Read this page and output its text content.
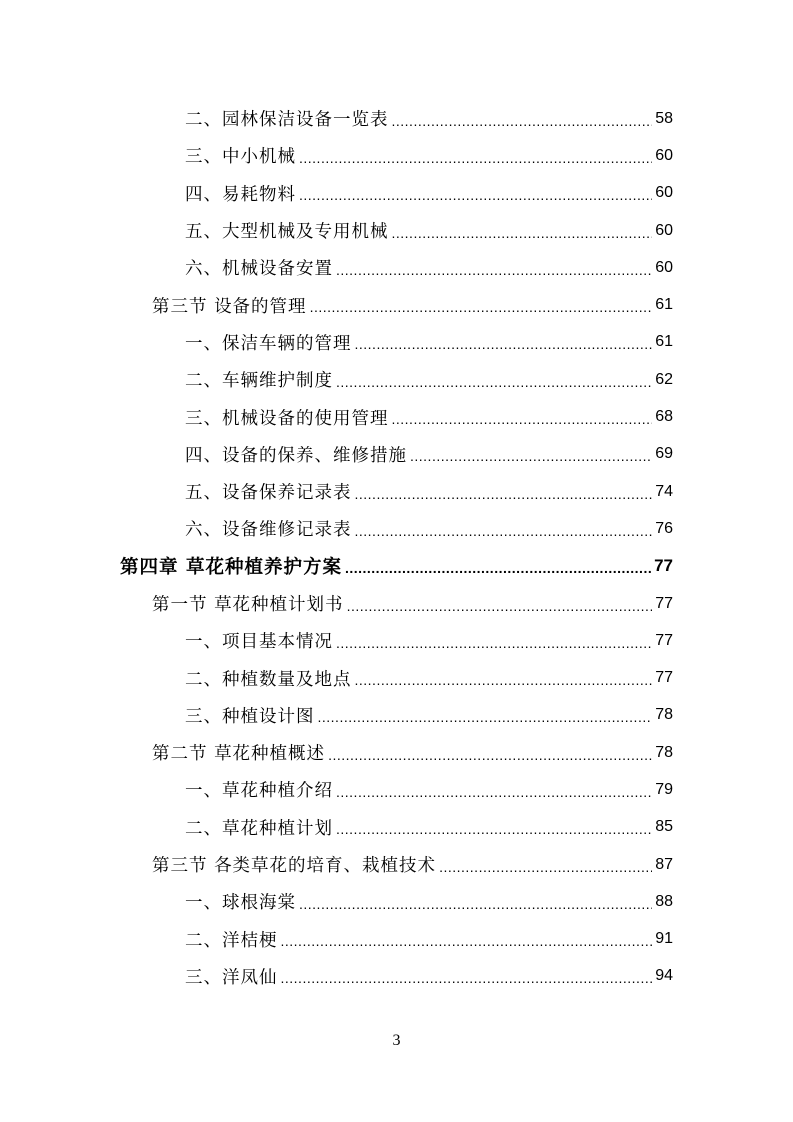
二、园林保洁设备一览表 .....	58
三、中小机械 .....	60
四、易耗物料 .....	60
五、大型机械及专用机械 .....	60
六、机械设备安置 .....	60
第三节 设备的管理 .....	61
一、保洁车辆的管理 .....	61
二、车辆维护制度 .....	62
三、机械设备的使用管理 .....	68
四、设备的保养、维修措施 .....	69
五、设备保养记录表 .....	74
六、设备维修记录表 .....	76
第四章 草花种植养护方案 .....	77
第一节 草花种植计划书 .....	77
一、项目基本情况 .....	77
二、种植数量及地点 .....	77
三、种植设计图 .....	78
第二节 草花种植概述 .....	78
一、草花种植介绍 .....	79
二、草花种植计划 .....	85
第三节 各类草花的培育、栽植技术 .....	87
一、球根海棠 .....	88
二、洋桔梗 .....	91
三、洋凤仙 .....	94
3
